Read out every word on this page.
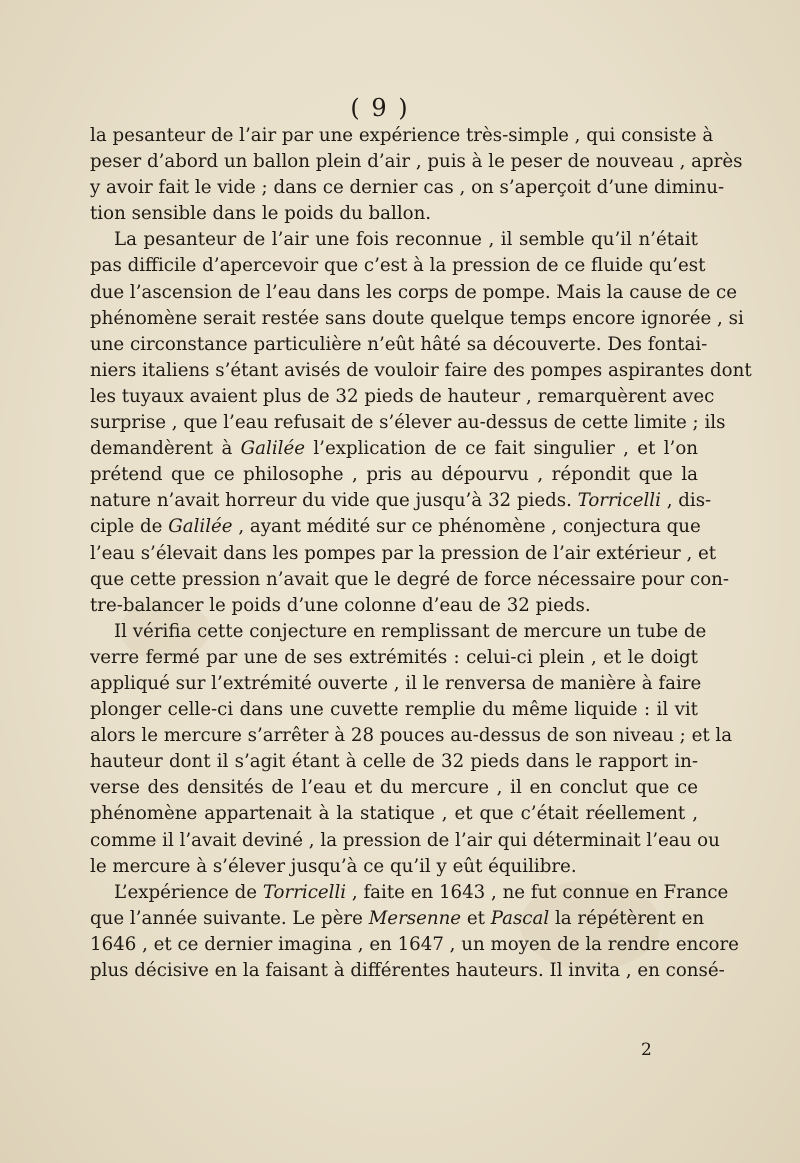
( 9 )
la pesanteur de l’air par une expérience très-simple , qui consiste à
peser d’abord un ballon plein d’air , puis à le peser de nouveau , après
y avoir fait le vide ; dans ce dernier cas , on s’aperçoit d’une diminu-
tion sensible dans le poids du ballon.
La pesanteur de l’air une fois reconnue , il semble qu’il n’était
pas difficile d’apercevoir que c’est à la pression de ce fluide qu’est
due l’ascension de l’eau dans les corps de pompe. Mais la cause de ce
phénomène serait restée sans doute quelque temps encore ignorée , si
une circonstance particulière n’eût hâté sa découverte. Des fontai-
niers italiens s’étant avisés de vouloir faire des pompes aspirantes dont
les tuyaux avaient plus de 32 pieds de hauteur , remarquèrent avec
surprise , que l’eau refusait de s’élever au-dessus de cette limite ; ils
demandèrent à Galilée l’explication de ce fait singulier , et l’on
prétend que ce philosophe , pris au dépourvu , répondit que la
nature n’avait horreur du vide que jusqu’à 32 pieds. Torricelli , dis-
ciple de Galilée , ayant médité sur ce phénomène , conjectura que
l’eau s’élevait dans les pompes par la pression de l’air extérieur , et
que cette pression n’avait que le degré de force nécessaire pour con-
tre-balancer le poids d’une colonne d’eau de 32 pieds.
Il vérifia cette conjecture en remplissant de mercure un tube de
verre fermé par une de ses extrémités : celui-ci plein , et le doigt
appliqué sur l’extrémité ouverte , il le renversa de manière à faire
plonger celle-ci dans une cuvette remplie du même liquide : il vit
alors le mercure s’arrêter à 28 pouces au-dessus de son niveau ; et la
hauteur dont il s’agit étant à celle de 32 pieds dans le rapport in-
verse des densités de l’eau et du mercure , il en conclut que ce
phénomène appartenait à la statique , et que c’était réellement ,
comme il l’avait deviné , la pression de l’air qui déterminait l’eau ou
le mercure à s’élever jusqu’à ce qu’il y eût équilibre.
L’expérience de Torricelli , faite en 1643 , ne fut connue en France
que l’année suivante. Le père Mersenne et Pascal la répétèrent en
1646 , et ce dernier imagina , en 1647 , un moyen de la rendre encore
plus décisive en la faisant à différentes hauteurs. Il invita , en consé-
2
